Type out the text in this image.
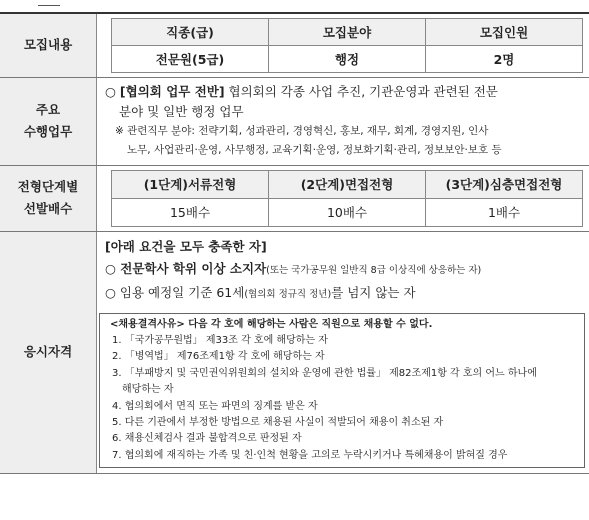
모집내용	
직종(급)	모집분야	모집인원
전문원(5급)	행정	2명

주요
수행업무

○ [협의회 업무 전반] 협의회의 각종 사업 추진, 기관운영과 관련된 전문
분야 및 일반 행정 업무
※ 관련직무 분야: 전략기획, 성과관리, 경영혁신, 홍보, 재무, 회계, 경영지원, 인사
노무, 사업관리·운영, 사무행정, 교육기획·운영, 정보화기획·관리, 정보보안·보호 등

전형단계별
선발배수

(1단계)서류전형	(2단계)면접전형	(3단계)심층면접전형
15배수	10배수	1배수

응시자격	
[아래 요건을 모두 충족한 자]
○ 전문학사 학위 이상 소지자(또는 국가공무원 일반직 8급 이상직에 상응하는 자)
○ 임용 예정일 기준 61세(협의회 정규직 정년)를 넘지 않는 자
<채용결격사유> 다음 각 호에 해당하는 사람은 직원으로 채용할 수 없다.
1. 「국가공무원법」 제33조 각 호에 해당하는 자
2. 「병역법」 제76조제1항 각 호에 해당하는 자
3. 「부패방지 및 국민권익위원회의 설치와 운영에 관한 법률」 제82조제1항 각 호의 어느 하나에
해당하는 자
4. 협의회에서 면직 또는 파면의 징계를 받은 자
5. 다른 기관에서 부정한 방법으로 채용된 사실이 적발되어 채용이 취소된 자
6. 채용신체검사 결과 불합격으로 판정된 자
7. 협의회에 재직하는 가족 및 친·인척 현황을 고의로 누락시키거나 특혜채용이 밝혀질 경우
